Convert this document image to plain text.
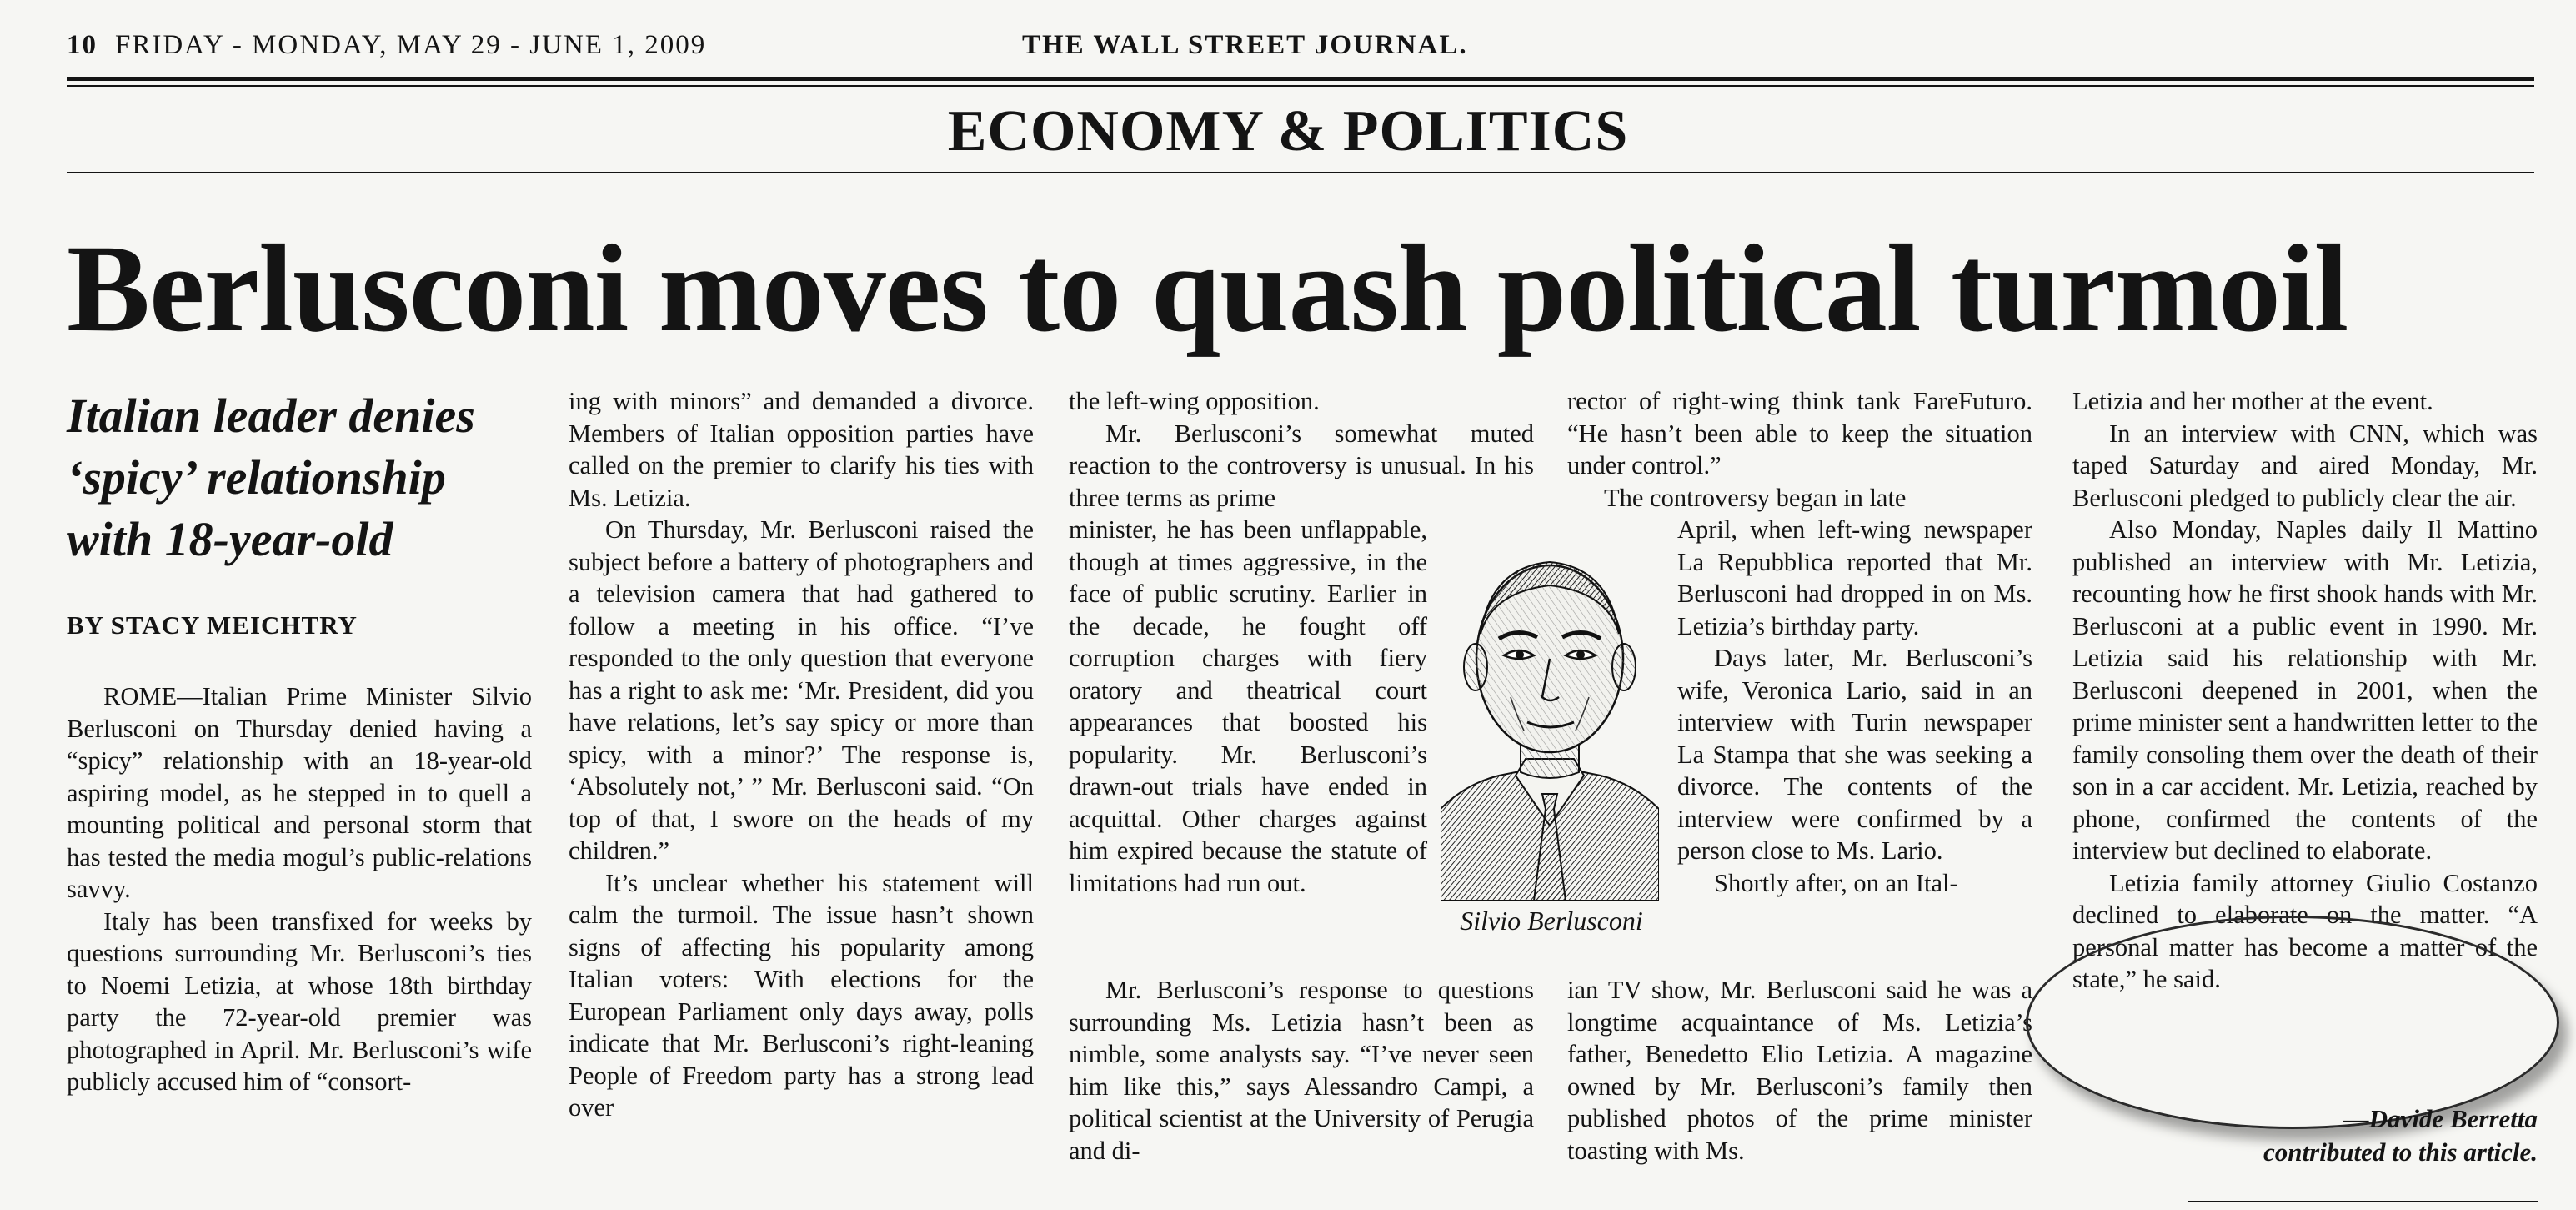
10 FRIDAY - MONDAY, MAY 29 - JUNE 1, 2009	THE WALL STREET JOURNAL.
ECONOMY & POLITICS
Berlusconi moves to quash political turmoil
Italian leader denies ‘spicy’ relationship with 18-year-old
BY STACY MEICHTRY

ROME—Italian Prime Minister Silvio Berlusconi on Thursday denied having a “spicy” relationship with an 18-year-old aspiring model, as he stepped in to quell a mounting political and personal storm that has tested the media mogul’s public-relations savvy.

Italy has been transfixed for weeks by questions surrounding Mr. Berlusconi’s ties to Noemi Letizia, at whose 18th birthday party the 72-year-old premier was photographed in April. Mr. Berlusconi’s wife publicly accused him of “consort-

ing with minors” and demanded a divorce. Members of Italian opposition parties have called on the premier to clarify his ties with Ms. Letizia.

On Thursday, Mr. Berlusconi raised the subject before a battery of photographers and a television camera that had gathered to follow a meeting in his office. “I’ve responded to the only question that everyone has a right to ask me: ‘Mr. President, did you have relations, let’s say spicy or more than spicy, with a minor?’ The response is, ‘Absolutely not,’ ” Mr. Berlusconi said. “On top of that, I swore on the heads of my children.”

It’s unclear whether his statement will calm the turmoil. The issue hasn’t shown signs of affecting his popularity among Italian voters: With elections for the European Parliament only days away, polls indicate that Mr. Berlusconi’s right-leaning People of Freedom party has a strong lead over

the left-wing opposition.

Mr. Berlusconi’s somewhat muted reaction to the controversy is unusual. In his three terms as prime

minister, he has been unflappable, though at times aggressive, in the face of public scrutiny. Earlier in the decade, he fought off corruption charges with fiery oratory and theatrical court appearances that boosted his popularity. Mr. Berlusconi’s drawn-out trials have ended in acquittal. Other charges against him expired because the statute of limitations had run out.

Mr. Berlusconi’s response to questions surrounding Ms. Letizia hasn’t been as nimble, some analysts say. “I’ve never seen him like this,” says Alessandro Campi, a political scientist at the University of Perugia and di-

Silvio Berlusconi

rector of right-wing think tank FareFuturo. “He hasn’t been able to keep the situation under control.”

The controversy began in late

April, when left-wing newspaper La Repubblica reported that Mr. Berlusconi had dropped in on Ms. Letizia’s birthday party.

Days later, Mr. Berlusconi’s wife, Veronica Lario, said in an interview with Turin newspaper La Stampa that she was seeking a divorce. The contents of the interview were confirmed by a person close to Ms. Lario.

Shortly after, on an Ital-

ian TV show, Mr. Berlusconi said he was a longtime acquaintance of Ms. Letizia’s father, Benedetto Elio Letizia. A magazine owned by Mr. Berlusconi’s family then published photos of the prime minister toasting with Ms.

Letizia and her mother at the event.

In an interview with CNN, which was taped Saturday and aired Monday, Mr. Berlusconi pledged to publicly clear the air.

Also Monday, Naples daily Il Mattino published an interview with Mr. Letizia, recounting how he first shook hands with Mr. Berlusconi at a public event in 1990. Mr. Letizia said his relationship with Mr. Berlusconi deepened in 2001, when the prime minister sent a handwritten letter to the family consoling them over the death of their son in a car accident. Mr. Letizia, reached by phone, confirmed the contents of the interview but declined to elaborate.

Letizia family attorney Giulio Costanzo declined to elaborate on the matter. “A personal matter has become a matter of the state,” he said.

—Davide Berretta
contributed to this article.
